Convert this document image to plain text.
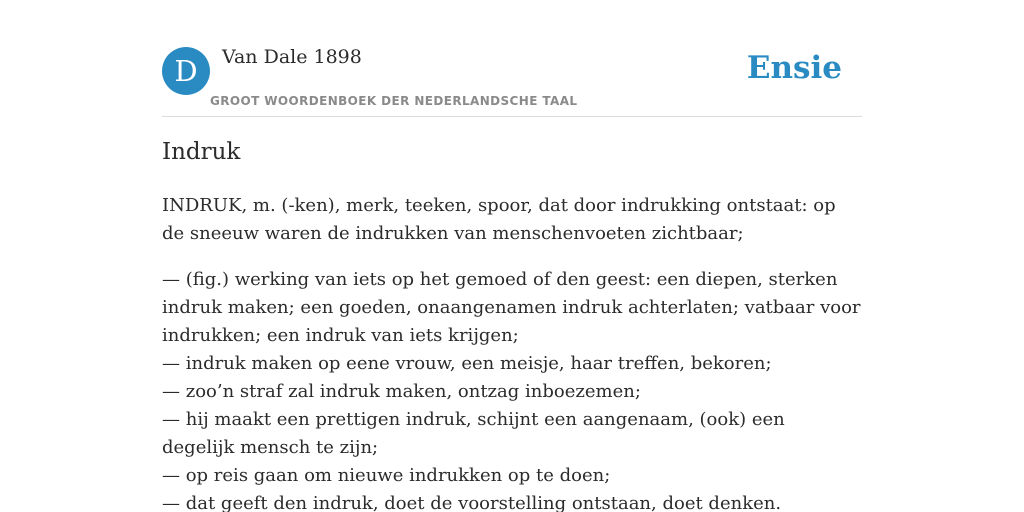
D	Van Dale 1898
GROOT WOORDENBOEK DER NEDERLANDSCHE TAAL
Ensie
Indruk

INDRUK, m. (-ken), merk, teeken, spoor, dat door indrukking ontstaat: op de sneeuw waren de indrukken van menschenvoeten zichtbaar;

— (fig.) werking van iets op het gemoed of den geest: een diepen, sterken indruk maken; een goeden, onaangenamen indruk achterlaten; vatbaar voor indrukken; een indruk van iets krijgen;
— indruk maken op eene vrouw, een meisje, haar treffen, bekoren;
— zoo’n straf zal indruk maken, ontzag inboezemen;
— hij maakt een prettigen indruk, schijnt een aangenaam, (ook) een degelijk mensch te zijn;
— op reis gaan om nieuwe indrukken op te doen;
— dat geeft den indruk, doet de voorstelling ontstaan, doet denken.
